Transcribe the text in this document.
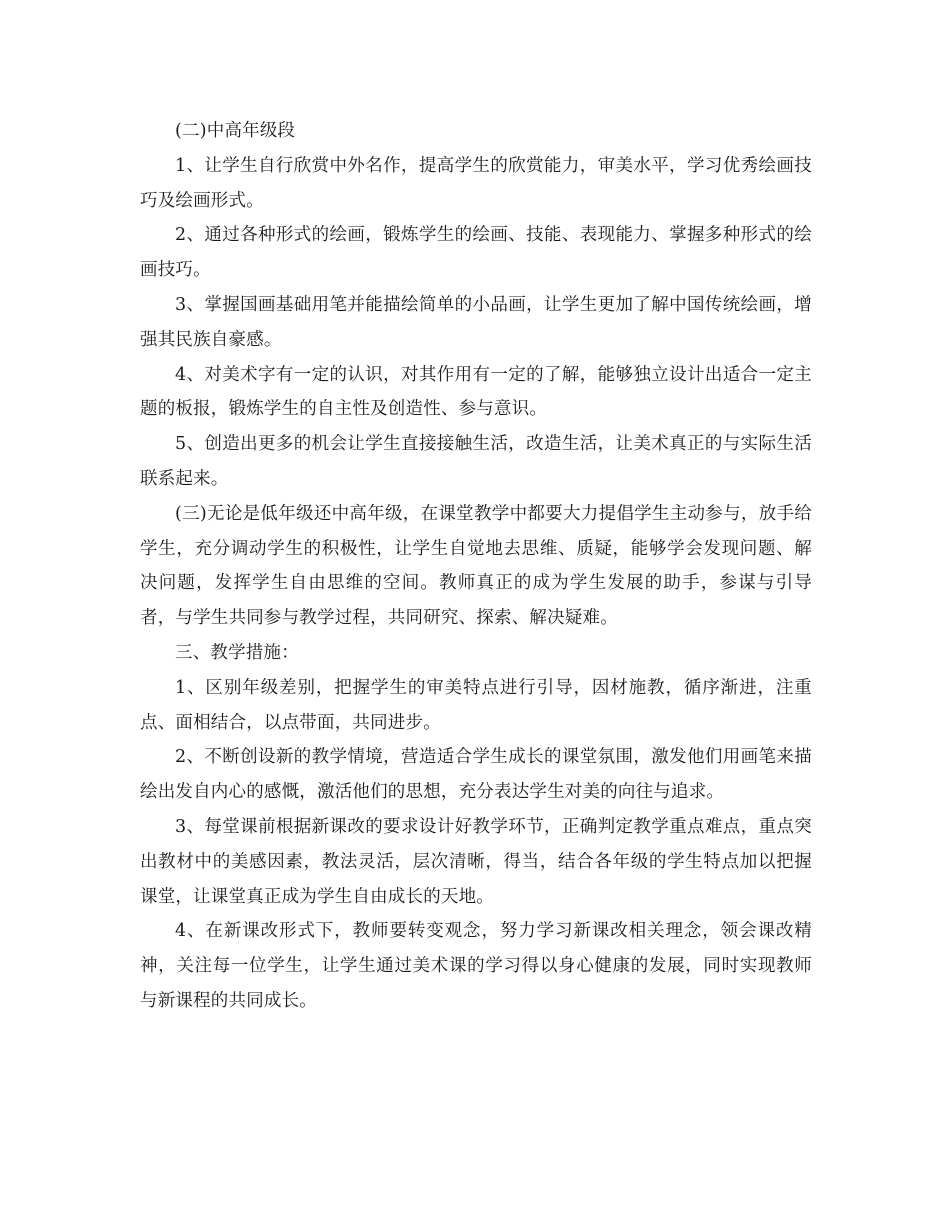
(二)中高年级段

1、让学生自行欣赏中外名作，提高学生的欣赏能力，审美水平，学习优秀绘画技巧及绘画形式。

2、通过各种形式的绘画，锻炼学生的绘画、技能、表现能力、掌握多种形式的绘画技巧。

3、掌握国画基础用笔并能描绘简单的小品画，让学生更加了解中国传统绘画，增强其民族自豪感。

4、对美术字有一定的认识，对其作用有一定的了解，能够独立设计出适合一定主题的板报，锻炼学生的自主性及创造性、参与意识。

5、创造出更多的机会让学生直接接触生活，改造生活，让美术真正的与实际生活联系起来。

(三)无论是低年级还中高年级，在课堂教学中都要大力提倡学生主动参与，放手给学生，充分调动学生的积极性，让学生自觉地去思维、质疑，能够学会发现问题、解决问题，发挥学生自由思维的空间。教师真正的成为学生发展的助手，参谋与引导者，与学生共同参与教学过程，共同研究、探索、解决疑难。

三、教学措施：

1、区别年级差别，把握学生的审美特点进行引导，因材施教，循序渐进，注重点、面相结合，以点带面，共同进步。

2、不断创设新的教学情境，营造适合学生成长的课堂氛围，激发他们用画笔来描绘出发自内心的感慨，激活他们的思想，充分表达学生对美的向往与追求。

3、每堂课前根据新课改的要求设计好教学环节，正确判定教学重点难点，重点突出教材中的美感因素，教法灵活，层次清晰，得当，结合各年级的学生特点加以把握课堂，让课堂真正成为学生自由成长的天地。

4、在新课改形式下，教师要转变观念，努力学习新课改相关理念，领会课改精神，关注每一位学生，让学生通过美术课的学习得以身心健康的发展，同时实现教师与新课程的共同成长。
